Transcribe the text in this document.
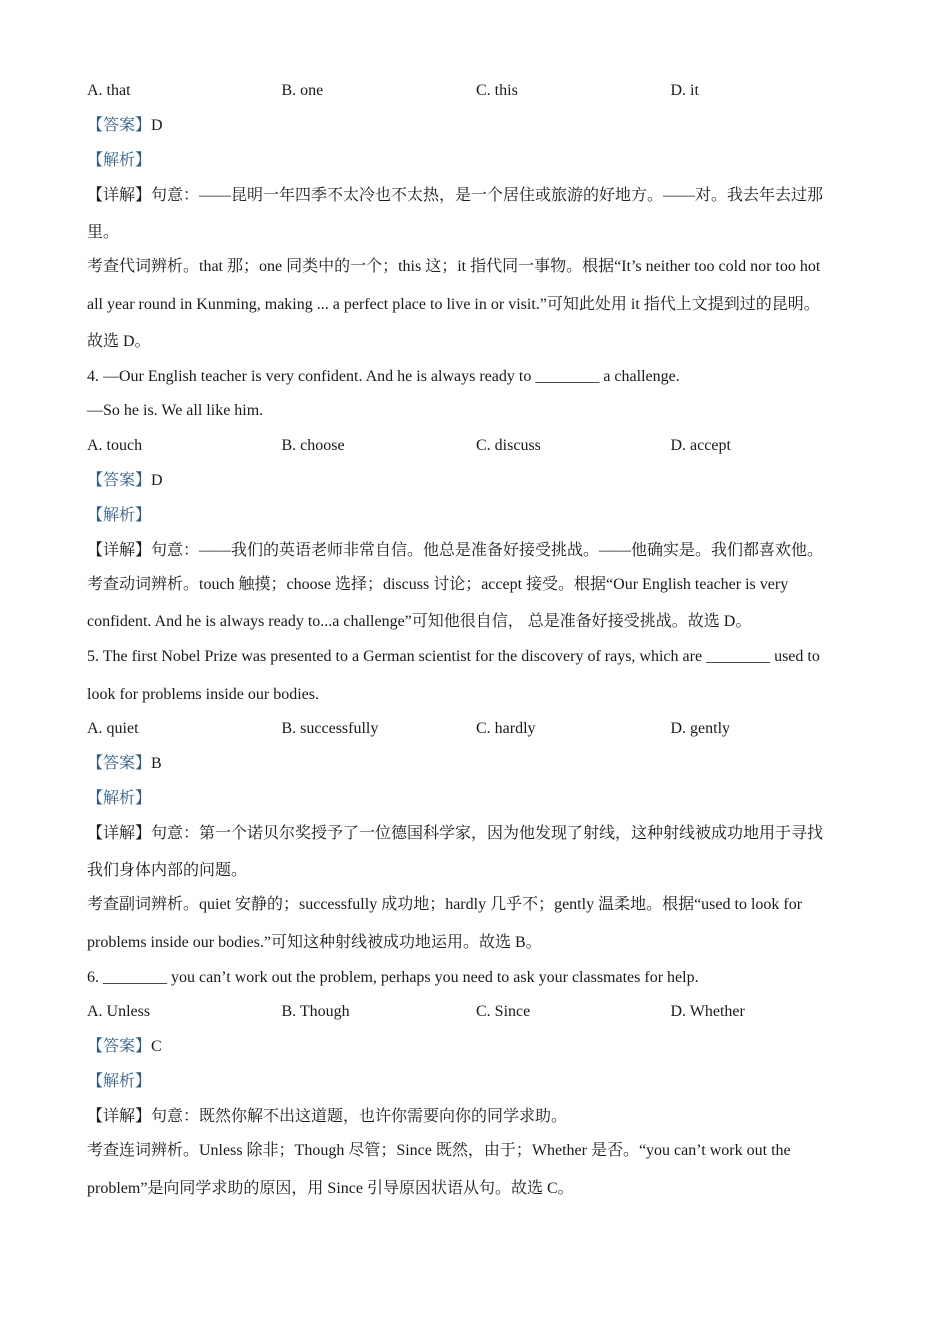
A. that	B. one	C. this	D. it
【答案】D
【解析】
【详解】句意：——昆明一年四季不太冷也不太热，是一个居住或旅游的好地方。——对。我去年去过那
里。
考查代词辨析。that 那；one 同类中的一个；this 这；it 指代同一事物。根据“It’s neither too cold nor too hot
all year round in Kunming, making ... a perfect place to live in or visit.”可知此处用 it 指代上文提到过的昆明。
故选 D。
4. —Our English teacher is very confident. And he is always ready to ________ a challenge.
—So he is. We all like him.
A. touch	B. choose	C. discuss	D. accept
【答案】D
【解析】
【详解】句意：——我们的英语老师非常自信。他总是准备好接受挑战。——他确实是。我们都喜欢他。
考查动词辨析。touch 触摸；choose 选择；discuss 讨论；accept 接受。根据“Our English teacher is very
confident. And he is always ready to...a challenge”可知他很自信， 总是准备好接受挑战。故选 D。
5. The first Nobel Prize was presented to a German scientist for the discovery of rays, which are ________ used to
look for problems inside our bodies.
A. quiet	B. successfully	C. hardly	D. gently
【答案】B
【解析】
【详解】句意：第一个诺贝尔奖授予了一位德国科学家，因为他发现了射线，这种射线被成功地用于寻找
我们身体内部的问题。
考查副词辨析。quiet 安静的；successfully 成功地；hardly 几乎不；gently 温柔地。根据“used to look for
problems inside our bodies.”可知这种射线被成功地运用。故选 B。
6. ________ you can’t work out the problem, perhaps you need to ask your classmates for help.
A. Unless	B. Though	C. Since	D. Whether
【答案】C
【解析】
【详解】句意：既然你解不出这道题，也许你需要向你的同学求助。
考查连词辨析。Unless 除非；Though 尽管；Since 既然，由于；Whether 是否。“you can’t work out the
problem”是向同学求助的原因，用 Since 引导原因状语从句。故选 C。
